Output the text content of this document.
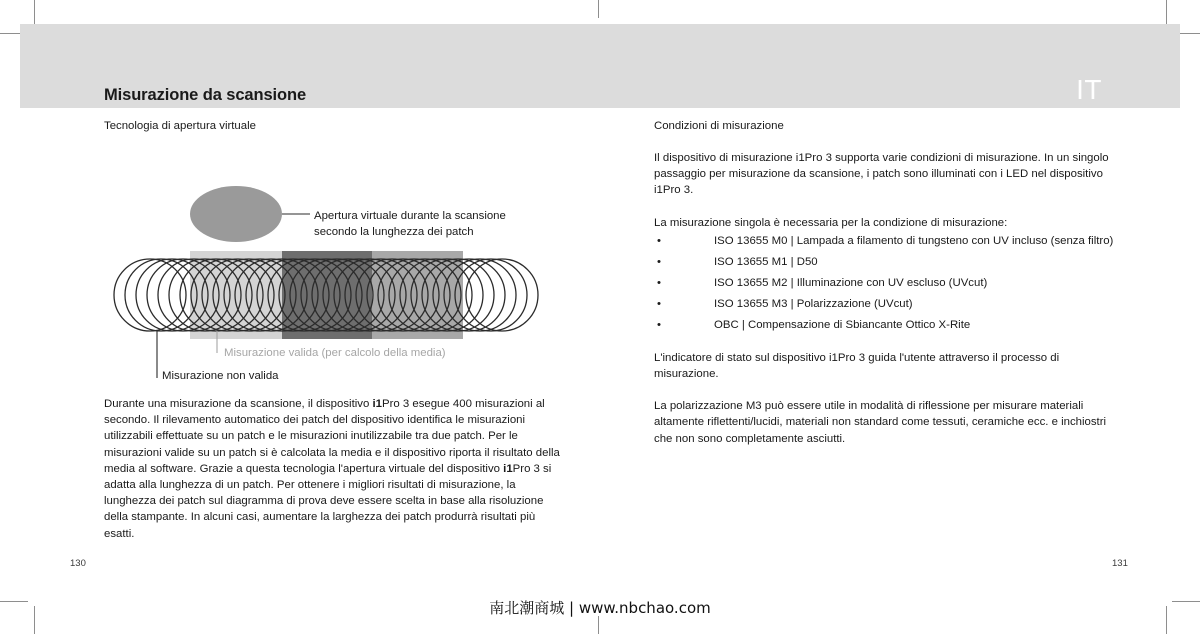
Misurazione da scansione	IT
Tecnologia di apertura virtuale
Apertura virtuale durante la scansione
secondo la lunghezza dei patch
Misurazione valida (per calcolo della media)
Misurazione non valida

Durante una misurazione da scansione, il dispositivo i1Pro 3 esegue 400 misurazioni al secondo. Il rilevamento automatico dei patch del dispositivo identifica le misurazioni utilizzabili effettuate su un patch e le misurazioni inutilizzabile tra due patch. Per le misurazioni valide su un patch si è calcolata la media e il dispositivo riporta il risultato della media al software. Grazie a questa tecnologia l'apertura virtuale del dispositivo i1Pro 3 si adatta alla lunghezza di un patch. Per ottenere i migliori risultati di misurazione, la lunghezza dei patch sul diagramma di prova deve essere scelta in base alla risoluzione della stampante. In alcuni casi, aumentare la larghezza dei patch produrrà risultati più esatti.

Condizioni di misurazione

Il dispositivo di misurazione i1Pro 3 supporta varie condizioni di misurazione. In un singolo passaggio per misurazione da scansione, i patch sono illuminati con i LED nel dispositivo i1Pro 3.

La misurazione singola è necessaria per la condizione di misurazione:

•	ISO 13655 M0 | Lampada a filamento di tungsteno con UV incluso (senza filtro)
•	ISO 13655 M1 | D50
•	ISO 13655 M2 | Illuminazione con UV escluso (UVcut)
•	ISO 13655 M3 | Polarizzazione (UVcut)
•	OBC | Compensazione di Sbiancante Ottico X-Rite

L'indicatore di stato sul dispositivo i1Pro 3 guida l'utente attraverso il processo di misurazione.

La polarizzazione M3 può essere utile in modalità di riflessione per misurare materiali altamente riflettenti/lucidi, materiali non standard come tessuti, ceramiche ecc. e inchiostri che non sono completamente asciutti.

130	131
南北潮商城 | www.nbchao.com
